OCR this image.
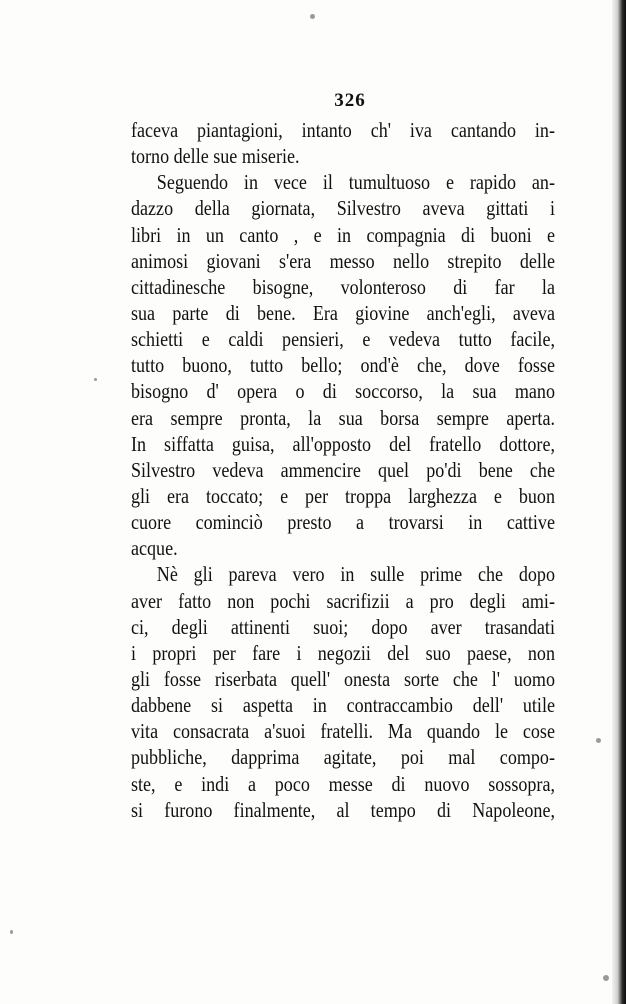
326
faceva piantagioni, intanto ch' iva cantando in-
torno delle sue miserie.
Seguendo in vece il tumultuoso e rapido an-
dazzo della giornata, Silvestro aveva gittati i
libri in un canto , e in compagnia di buoni e
animosi giovani s'era messo nello strepito delle
cittadinesche bisogne, volonteroso di far la
sua parte di bene. Era giovine anch'egli, aveva
schietti e caldi pensieri, e vedeva tutto facile,
tutto buono, tutto bello; ond'è che, dove fosse
bisogno d' opera o di soccorso, la sua mano
era sempre pronta, la sua borsa sempre aperta.
In siffatta guisa, all'opposto del fratello dottore,
Silvestro vedeva ammencire quel po'di bene che
gli era toccato; e per troppa larghezza e buon
cuore cominciò presto a trovarsi in cattive
acque.
Nè gli pareva vero in sulle prime che dopo
aver fatto non pochi sacrifizii a pro degli ami-
ci, degli attinenti suoi; dopo aver trasandati
i propri per fare i negozii del suo paese, non
gli fosse riserbata quell' onesta sorte che l' uomo
dabbene si aspetta in contraccambio dell' utile
vita consacrata a'suoi fratelli. Ma quando le cose
pubbliche, dapprima agitate, poi mal compo-
ste, e indi a poco messe di nuovo sossopra,
si furono finalmente, al tempo di Napoleone,
